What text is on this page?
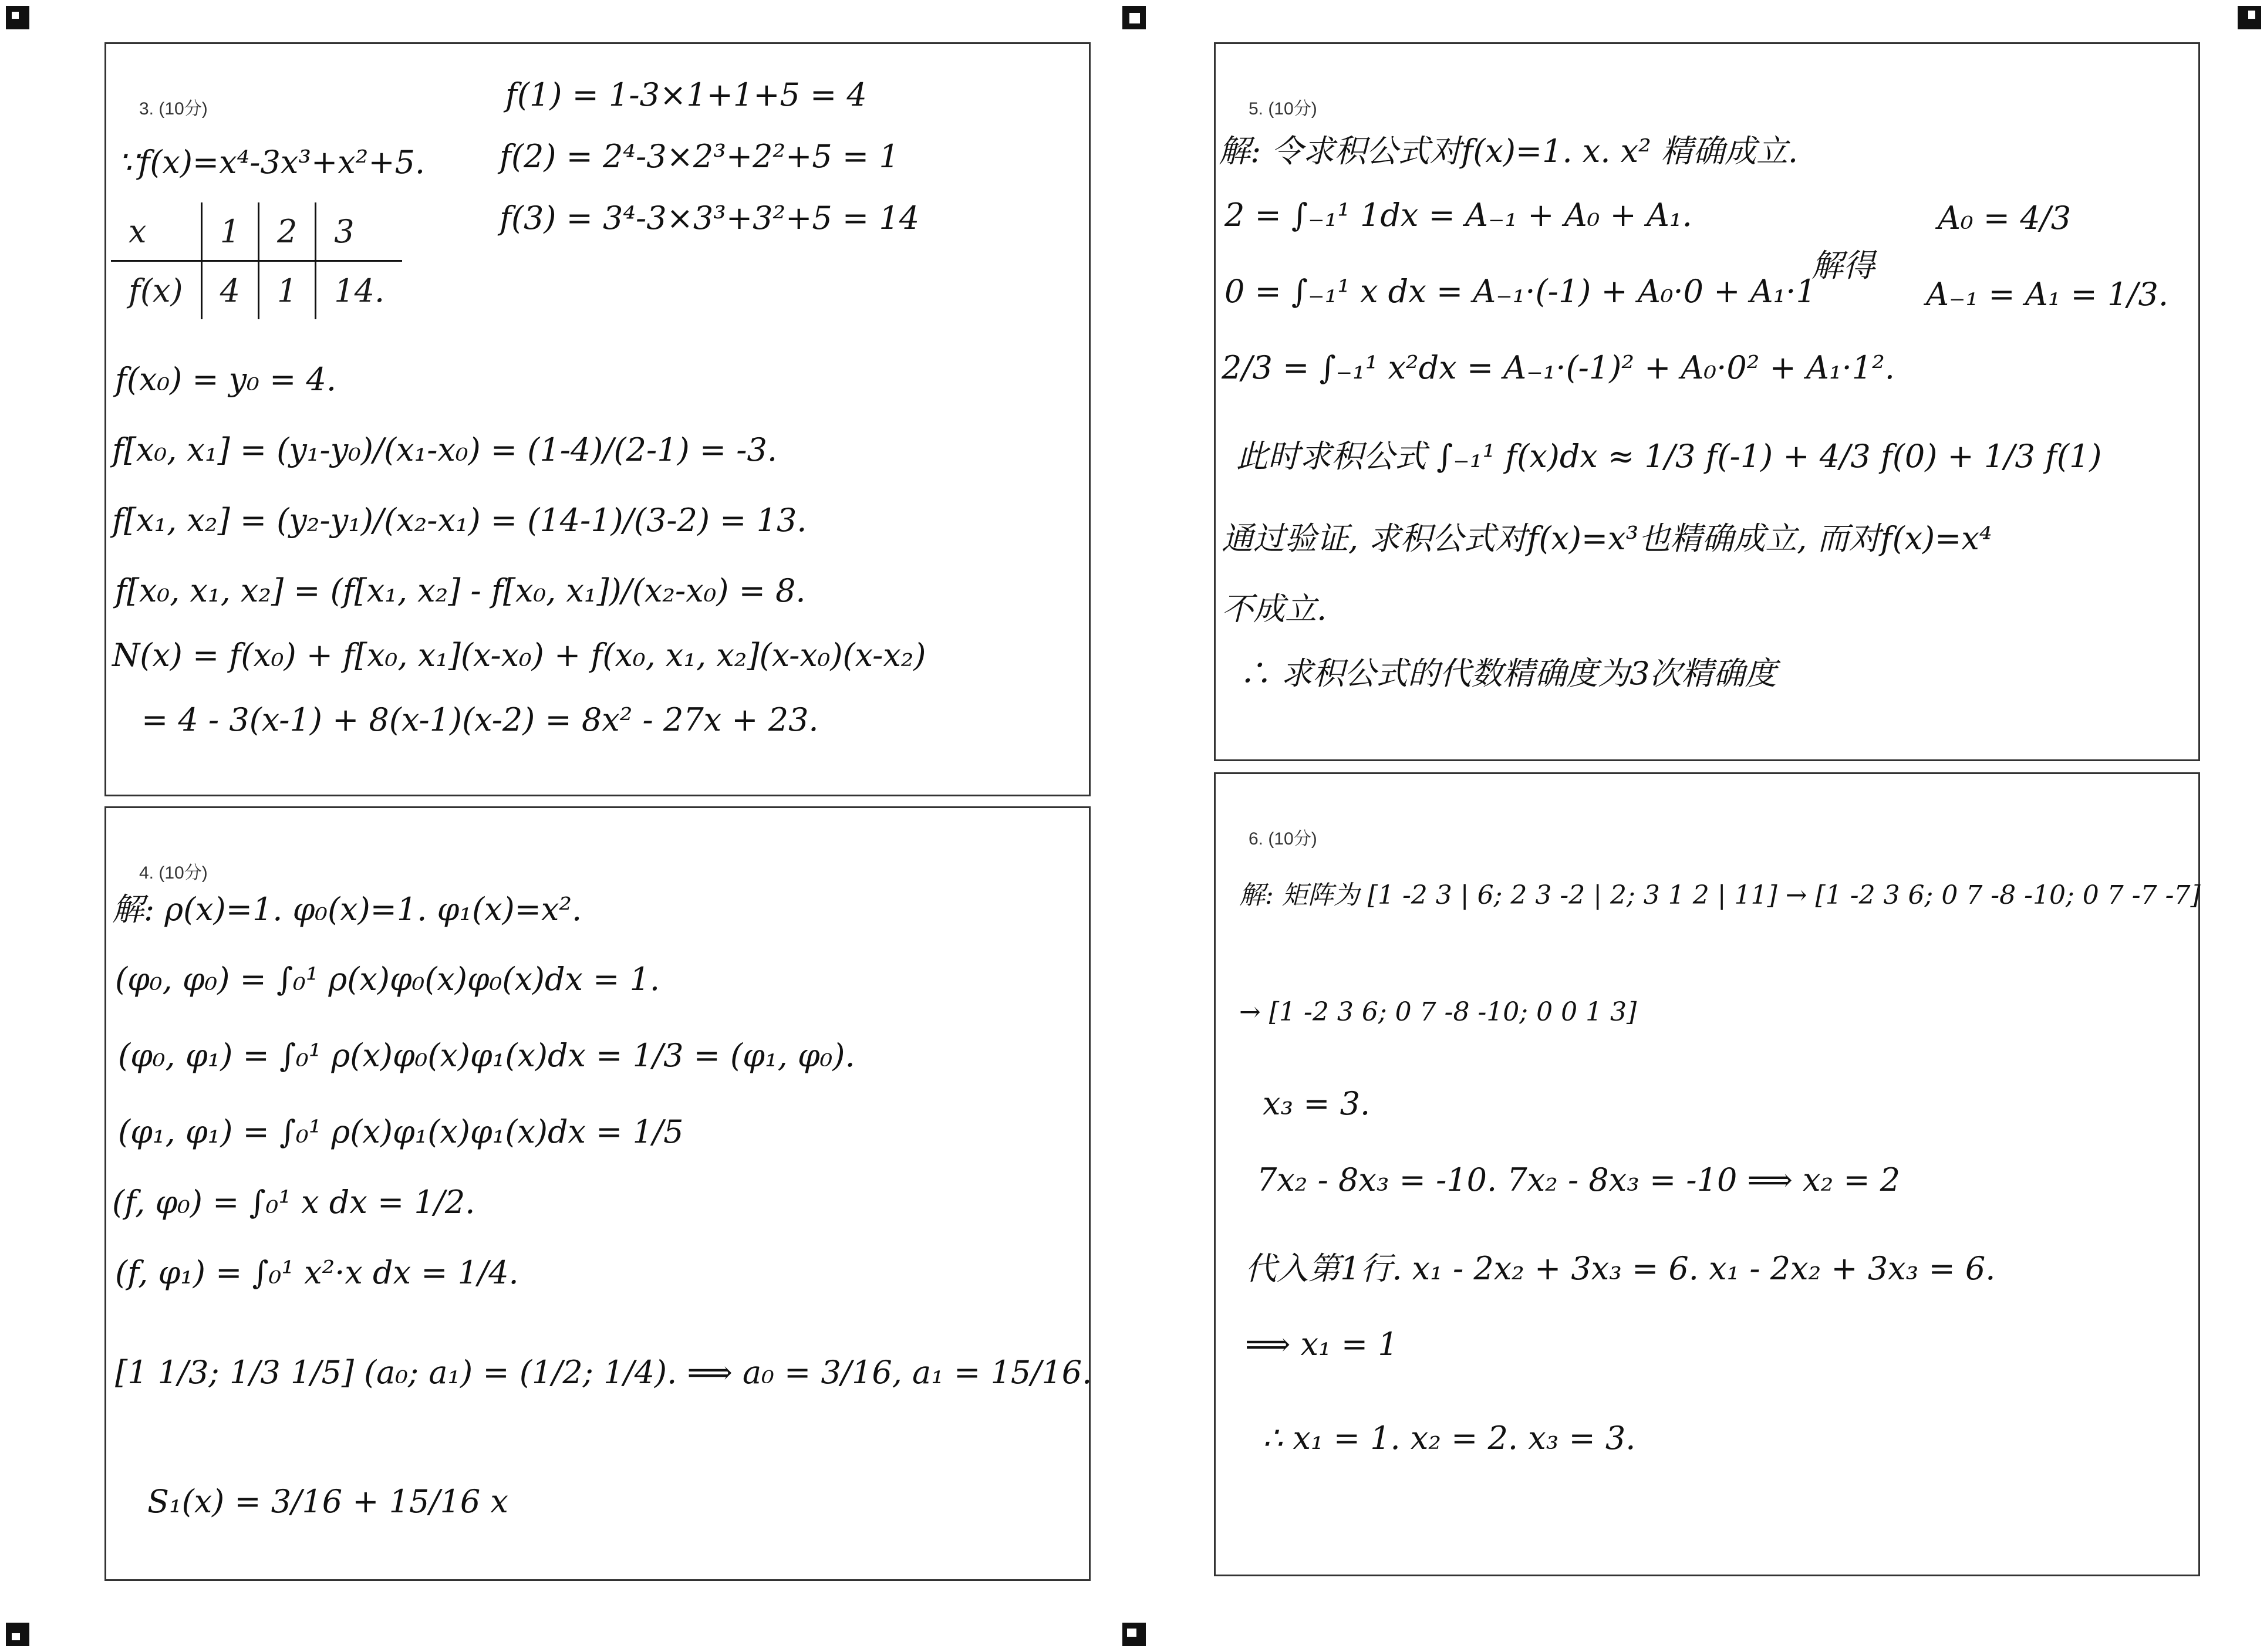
3. (10分)
∵f(x)=x⁴-3x³+x²+5.
f(1) = 1-3×1+1+5 = 4
f(2) = 2⁴-3×2³+2²+5 = 1
f(3) = 3⁴-3×3³+3²+5 = 14
x	1	2	3
f(x)	4	1	14.
f(x₀) = y₀ = 4.
f[x₀, x₁] = (y₁-y₀)/(x₁-x₀) = (1-4)/(2-1) = -3.
f[x₁, x₂] = (y₂-y₁)/(x₂-x₁) = (14-1)/(3-2) = 13.
f[x₀, x₁, x₂] = (f[x₁, x₂] - f[x₀, x₁])/(x₂-x₀) = 8.
N(x) = f(x₀) + f[x₀, x₁](x-x₀) + f(x₀, x₁, x₂](x-x₀)(x-x₂)
= 4 - 3(x-1) + 8(x-1)(x-2) = 8x² - 27x + 23.
4. (10分)
解: ρ(x)=1. φ₀(x)=1. φ₁(x)=x².
(φ₀, φ₀) = ∫₀¹ ρ(x)φ₀(x)φ₀(x)dx = 1.
(φ₀, φ₁) = ∫₀¹ ρ(x)φ₀(x)φ₁(x)dx = 1/3 = (φ₁, φ₀).
(φ₁, φ₁) = ∫₀¹ ρ(x)φ₁(x)φ₁(x)dx = 1/5
(f, φ₀) = ∫₀¹ x dx = 1/2.
(f, φ₁) = ∫₀¹ x²·x dx = 1/4.
[1 1/3; 1/3 1/5] (a₀; a₁) = (1/2; 1/4). ⟹ a₀ = 3/16, a₁ = 15/16.
S₁(x) = 3/16 + 15/16 x
5. (10分)
解: 令求积公式对f(x)=1. x. x² 精确成立.
2 = ∫₋₁¹ 1dx = A₋₁ + A₀ + A₁.
0 = ∫₋₁¹ x dx = A₋₁·(-1) + A₀·0 + A₁·1
2/3 = ∫₋₁¹ x²dx = A₋₁·(-1)² + A₀·0² + A₁·1².
此时求积公式 ∫₋₁¹ f(x)dx ≈ 1/3 f(-1) + 4/3 f(0) + 1/3 f(1)
通过验证, 求积公式对f(x)=x³也精确成立, 而对f(x)=x⁴
不成立.
∴ 求积公式的代数精确度为3次精确度
解得
A₀ = 4/3
A₋₁ = A₁ = 1/3.
6. (10分)
解: 矩阵为 [1 -2 3 | 6; 2 3 -2 | 2; 3 1 2 | 11] → [1 -2 3 6; 0 7 -8 -10; 0 7 -7 -7]
→ [1 -2 3 6; 0 7 -8 -10; 0 0 1 3]
x₃ = 3.
7x₂ - 8x₃ = -10. 7x₂ - 8x₃ = -10 ⟹ x₂ = 2
代入第1行. x₁ - 2x₂ + 3x₃ = 6. x₁ - 2x₂ + 3x₃ = 6.
⟹ x₁ = 1
∴ x₁ = 1. x₂ = 2. x₃ = 3.
